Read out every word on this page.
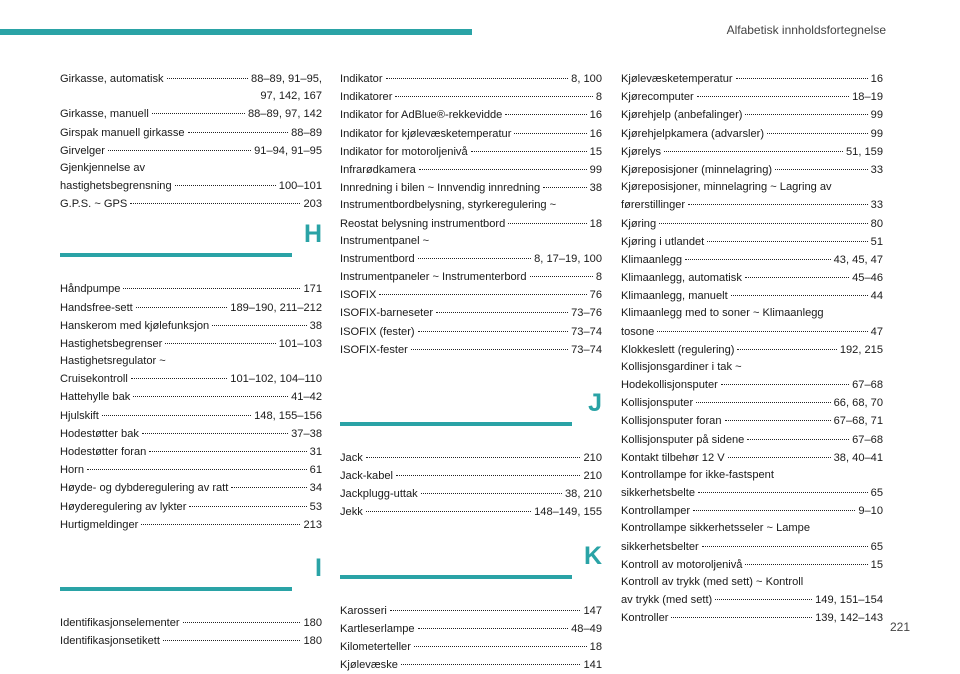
Alfabetisk innholdsfortegnelse
Girkasse, automatisk	88–89, 91–95,
97, 142, 167
Girkasse, manuell	88–89, 97, 142
Girspak manuell girkasse	88–89
Girvelger	91–94, 91–95
Gjenkjennelse av
hastighetsbegrensning	100–101
G.P.S. ~ GPS	203
H
Håndpumpe	171
Handsfree-sett	189–190, 211–212
Hanskerom med kjølefunksjon	38
Hastighetsbegrenser	101–103
Hastighetsregulator ~
Cruisekontroll	101–102, 104–110
Hattehylle bak	41–42
Hjulskift	148, 155–156
Hodestøtter bak	37–38
Hodestøtter foran	31
Horn	61
Høyde- og dybderegulering av ratt	34
Høyderegulering av lykter	53
Hurtigmeldinger	213
I
Identifikasjonselementer	180
Identifikasjonsetikett	180
Indikator	8, 100
Indikatorer	8
Indikator for AdBlue®-rekkevidde	16
Indikator for kjølevæsketemperatur	16
Indikator for motoroljenivå	15
Infrarødkamera	99
Innredning i bilen ~ Innvendig innredning	38
Instrumentbordbelysning, styrkeregulering ~
Reostat belysning instrumentbord	18
Instrumentpanel ~
Instrumentbord	8, 17–19, 100
Instrumentpaneler ~ Instrumenterbord	8
ISOFIX	76
ISOFIX-barneseter	73–76
ISOFIX (fester)	73–74
ISOFIX-fester	73–74
J
Jack	210
Jack-kabel	210
Jackplugg-uttak	38, 210
Jekk	148–149, 155
K
Karosseri	147
Kartleserlampe	48–49
Kilometerteller	18
Kjølevæske	141
Kjølevæsketemperatur	16
Kjørecomputer	18–19
Kjørehjelp (anbefalinger)	99
Kjørehjelpkamera (advarsler)	99
Kjørelys	51, 159
Kjøreposisjoner (minnelagring)	33
Kjøreposisjoner, minnelagring ~ Lagring av
førerstillinger	33
Kjøring	80
Kjøring i utlandet	51
Klimaanlegg	43, 45, 47
Klimaanlegg, automatisk	45–46
Klimaanlegg, manuelt	44
Klimaanlegg med to soner ~ Klimaanlegg
tosone	47
Klokkeslett (regulering)	192, 215
Kollisjonsgardiner i tak ~
Hodekollisjonsputer	67–68
Kollisjonsputer	66, 68, 70
Kollisjonsputer foran	67–68, 71
Kollisjonsputer på sidene	67–68
Kontakt tilbehør 12 V	38, 40–41
Kontrollampe for ikke-fastspent
sikkerhetsbelte	65
Kontrollamper	9–10
Kontrollampe sikkerhetsseler ~ Lampe
sikkerhetsbelter	65
Kontroll av motoroljenivå	15
Kontroll av trykk (med sett) ~ Kontroll
av trykk (med sett)	149, 151–154
Kontroller	139, 142–143
221
